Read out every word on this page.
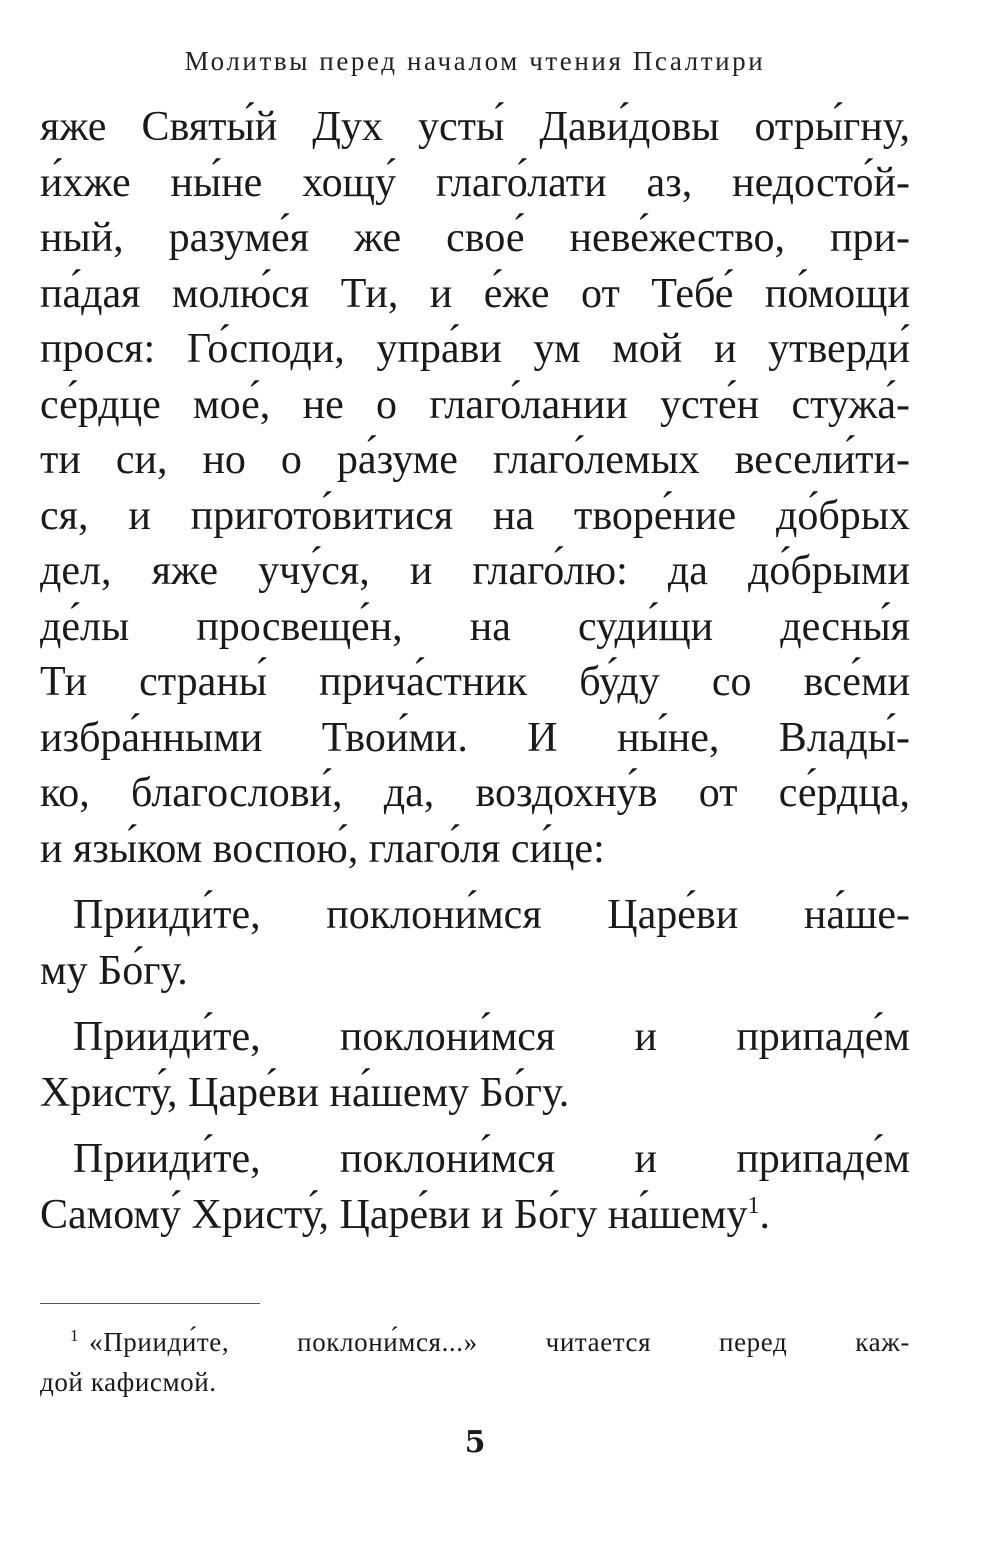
Молитвы перед началом чтения Псалтири
яже Святы́й Дух усты́ Дави́довы отры́гну,
и́хже ны́не хощу́ глаго́лати аз, недосто́й-
ный, разуме́я же свое́ неве́жество, при-
па́дая молю́ся Ти, и е́же от Тебе́ по́мощи
прося: Го́споди, упра́ви ум мой и утверди́
се́рдце мое́, не о глаго́лании усте́н стужа́-
ти си, но о ра́зуме глаго́лемых весели́ти-
ся, и пригото́витися на творе́ние до́брых
дел, яже учу́ся, и глаго́лю: да до́брыми
де́лы просвеще́н, на суди́щи десны́я
Ти страны́ прича́стник бу́ду со все́ми
избра́нными Твои́ми. И ны́не, Влады́-
ко, благослови́, да, воздохну́в от се́рдца,
и язы́ком воспою́, глаго́ля си́це:
Прииди́те, поклони́мся Царе́ви на́ше-
му Бо́гу.
Прииди́те, поклони́мся и припаде́м
Христу́, Царе́ви на́шему Бо́гу.
Прииди́те, поклони́мся и припаде́м
Самому́ Христу́, Царе́ви и Бо́гу на́шему$^1$.
$^1$ «Прииди́те, поклони́мся...» читается перед каж-
дой кафисмой.
5
